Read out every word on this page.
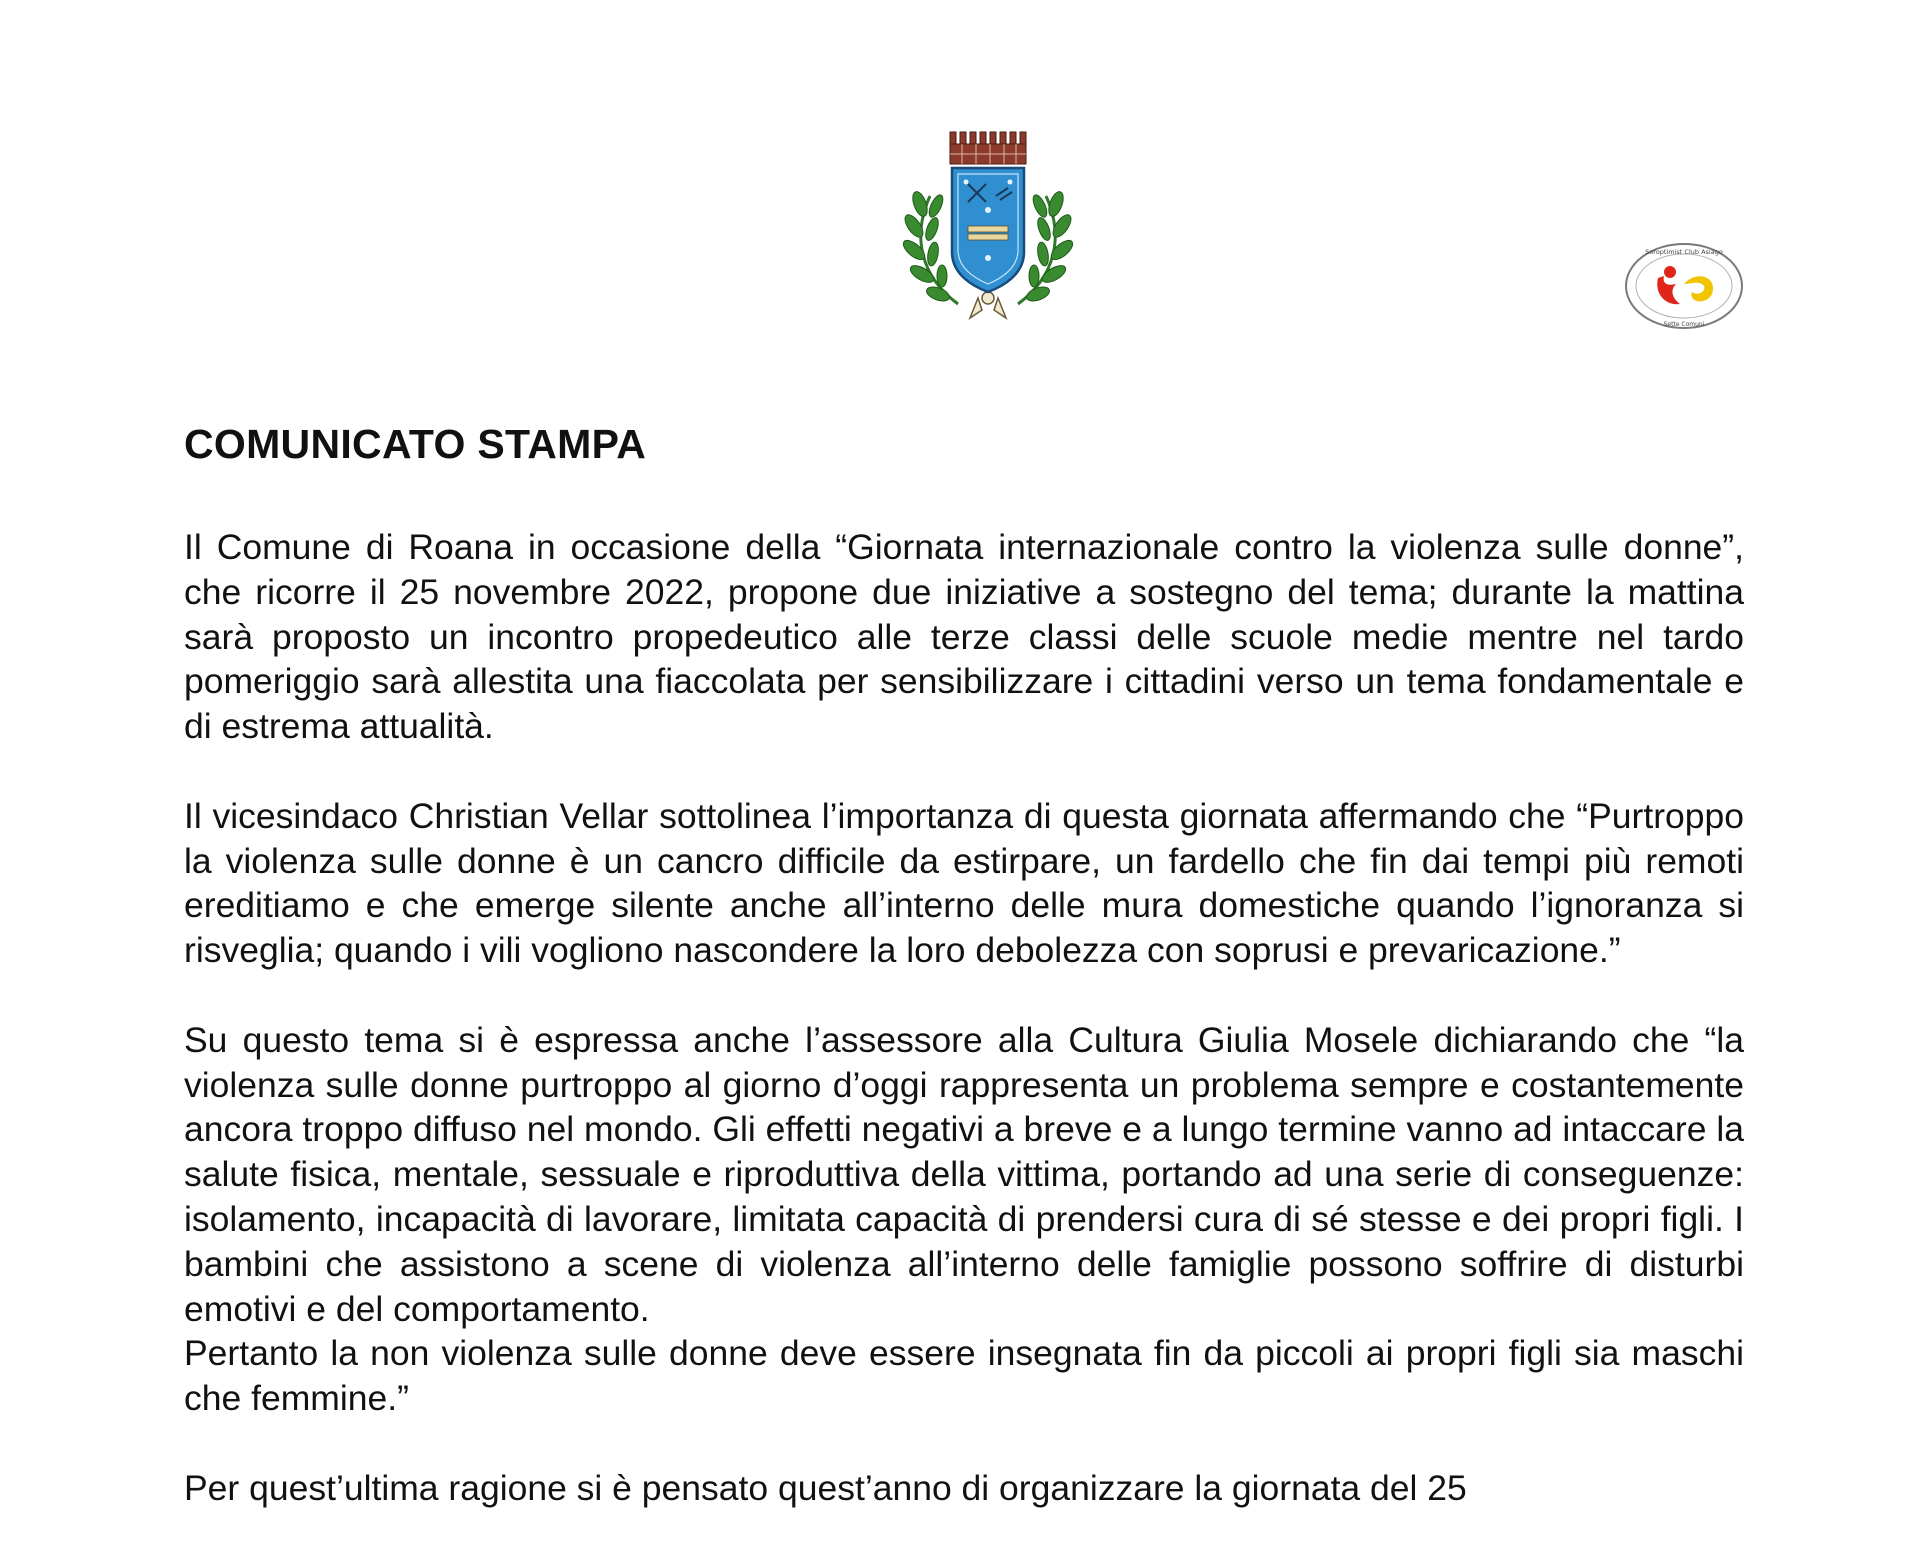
Soroptimist Club Asiago
Sette Comuni
COMUNICATO STAMPA

Il Comune di Roana in occasione della “Giornata internazionale contro la violenza sulle donne”, che ricorre il 25 novembre 2022, propone due iniziative a sostegno del tema; durante la mattina sarà proposto un incontro propedeutico alle terze classi delle scuole medie mentre nel tardo pomeriggio sarà allestita una fiaccolata per sensibilizzare i cittadini verso un tema fondamentale e di estrema attualità.

Il vicesindaco Christian Vellar sottolinea l’importanza di questa giornata affermando che “Purtroppo la violenza sulle donne è un cancro difficile da estirpare, un fardello che fin dai tempi più remoti ereditiamo e che emerge silente anche all’interno delle mura domestiche quando l’ignoranza si risveglia; quando i vili vogliono nascondere la loro debolezza con soprusi e prevaricazione.”

Su questo tema si è espressa anche l’assessore alla Cultura Giulia Mosele dichiarando che “la violenza sulle donne purtroppo al giorno d’oggi rappresenta un problema sempre e costantemente ancora troppo diffuso nel mondo. Gli effetti negativi a breve e a lungo termine vanno ad intaccare la salute fisica, mentale, sessuale e riproduttiva della vittima, portando ad una serie di conseguenze: isolamento, incapacità di lavorare, limitata capacità di prendersi cura di sé stesse e dei propri figli. I bambini che assistono a scene di violenza all’interno delle famiglie possono soffrire di disturbi emotivi e del comportamento.

Pertanto la non violenza sulle donne deve essere insegnata fin da piccoli ai propri figli sia maschi che femmine.”

Per quest’ultima ragione si è pensato quest’anno di organizzare la giornata del 25
